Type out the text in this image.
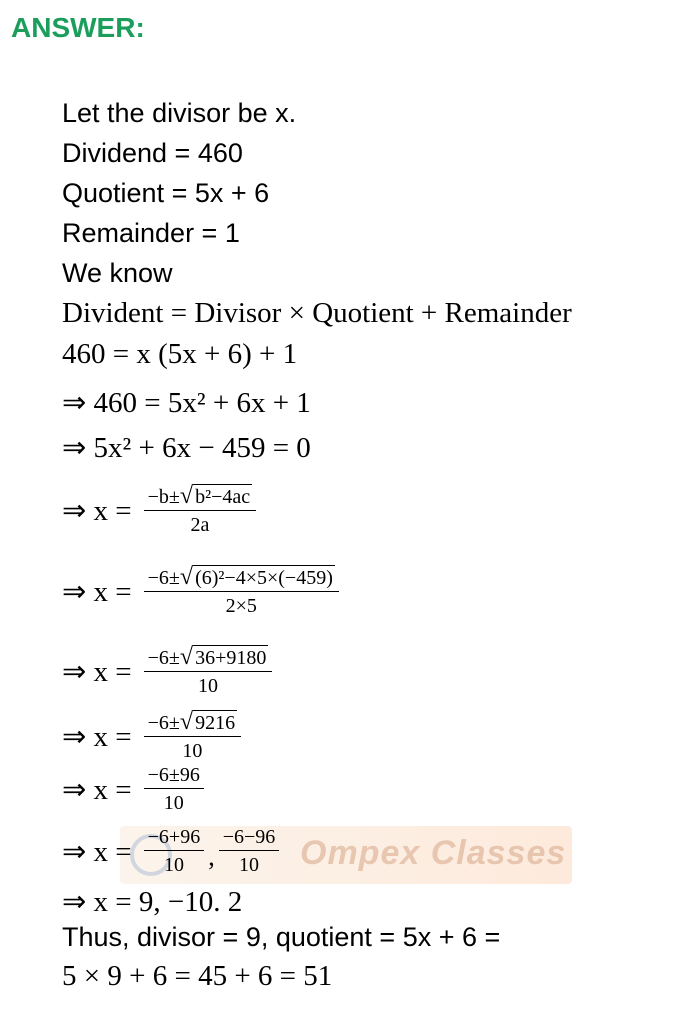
Ompex Classes
ANSWER:
Let the divisor be x.
Dividend = 460
Quotient = 5x + 6
Remainder = 1
We know
Divident = Divisor × Quotient + Remainder
460 = x (5x + 6) + 1
⇒ 460 = 5x² + 6x + 1
⇒ 5x² + 6x − 459 = 0
⇒ $x = \frac{\text{−b± √ b²−4ac}}{2a}$
⇒ $x = \frac{\text{−6± √ (6)²−4×5×(−459)}}{2\times 5}$
⇒ $x = \frac{-6\pm √ 36+9180}{10}$
⇒ $x = \frac{-6\pm √ 9216}{10}$
⇒ $x = \frac{-6\pm 96}{10}$
⇒ $x = \frac{-6+96}{10}$ , $\frac{-6-96}{10}$
⇒ x = 9, −10. 2
Thus, divisor = 9, quotient = 5x + 6 =
5 × 9 + 6 = 45 + 6 = 51
